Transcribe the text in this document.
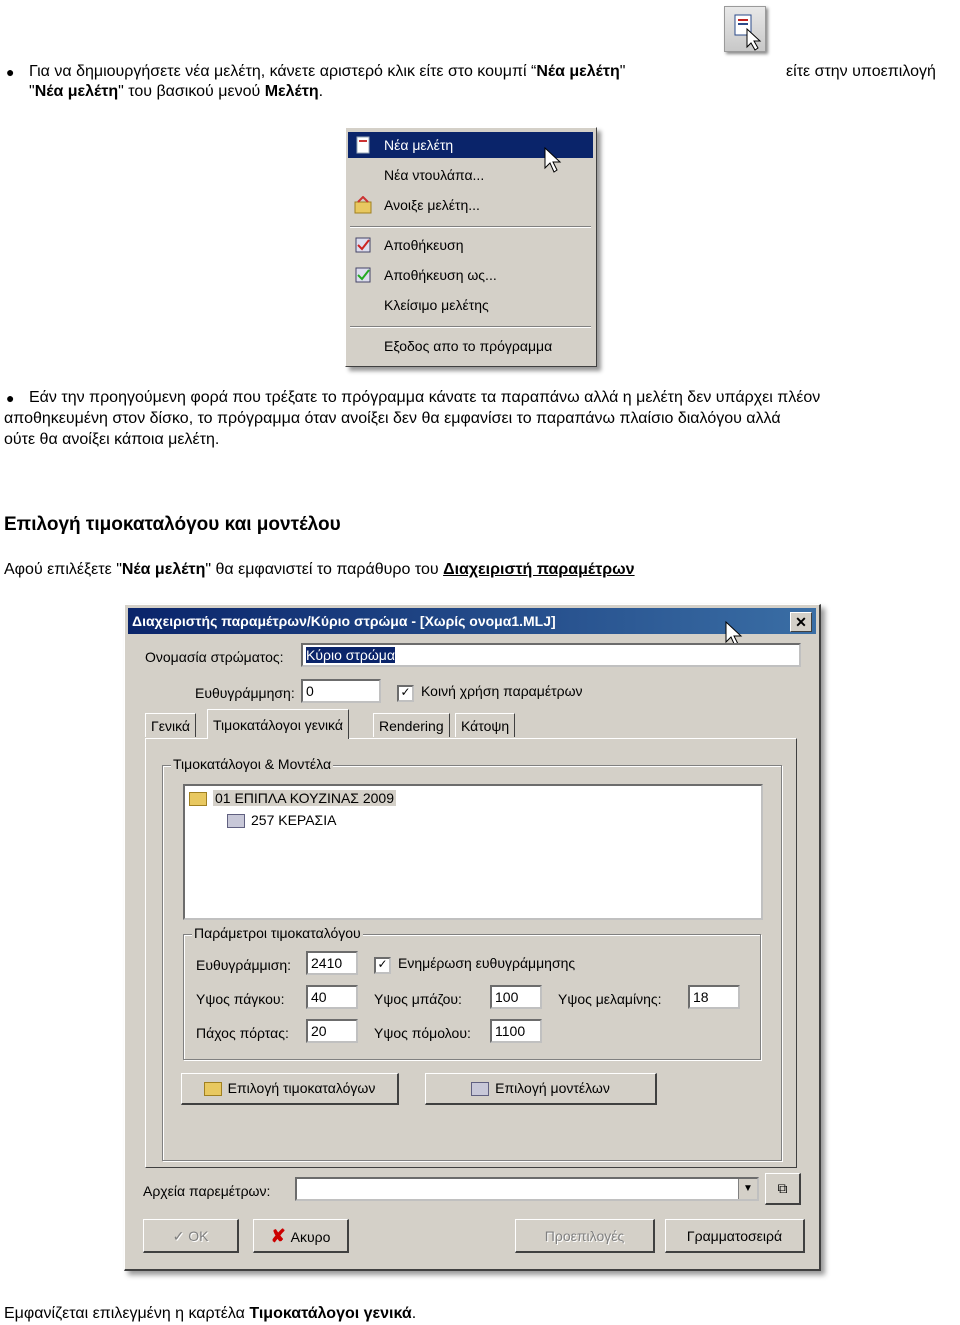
● Για να δημιουργήσετε νέα μελέτη, κάνετε αριστερό κλικ είτε στο κουμπί “Νέα μελέτη"	είτε στην υποεπιλογή
"Νέα μελέτη" του βασικού μενού Μελέτη.
Νέα μελέτη
Νέα ντουλάπα...
Ανοιξε μελέτη...
Αποθήκευση
Αποθήκευση ως...
Κλείσιμο μελέτης
Εξοδος απο το πρόγραμμα
● Εάν την προηγούμενη φορά που τρέξατε το πρόγραμμα κάνατε τα παραπάνω αλλά η μελέτη δεν υπάρχει πλέον
αποθηκευμένη στον δίσκο, το πρόγραμμα όταν ανοίξει δεν θα εμφανίσει το παραπάνω πλαίσιο διαλόγου αλλά
ούτε θα ανοίξει κάποια μελέτη.
Επιλογή τιμοκαταλόγου και μοντέλου
Αφού επιλέξετε "Νέα μελέτη" θα εμφανιστεί το παράθυρο του Διαχειριστή παραμέτρων
Διαχειριστής παραμέτρων/Κύριο στρώμα - [Χωρίς ονομα1.MLJ]	✕
Ονομασία στρώματος:	Κύριο στρώμα
Ευθυγράμμηση: 0	✓ Κοινή χρήση παραμέτρων
Γενικά	Τιμοκατάλογοι γενικά	Rendering	Κάτοψη
Τιμοκατάλογοι & Μοντέλα
01 ΕΠΙΠΛΑ ΚΟΥΖΙΝΑΣ 2009
257 ΚΕΡΑΣΙΑ
Παράμετροι τιμοκαταλόγου
Ευθυγράμμιση:	2410	✓ Ενημέρωση ευθυγράμμησης
Υψος πάγκου:	40	Υψος μπάζου:	100	Υψος μελαμίνης:	18
Πάχος πόρτας:	20	Υψος πόμολου:	1100
Επιλογή τιμοκαταλόγων	Επιλογή μοντέλων
Αρχεία παρεμέτρων:	▼	⧉
✓ OK	✘ Ακυρο	Προεπιλογές	Γραμματοσειρά
Εμφανίζεται επιλεγμένη η καρτέλα Τιμοκατάλογοι γενικά.
